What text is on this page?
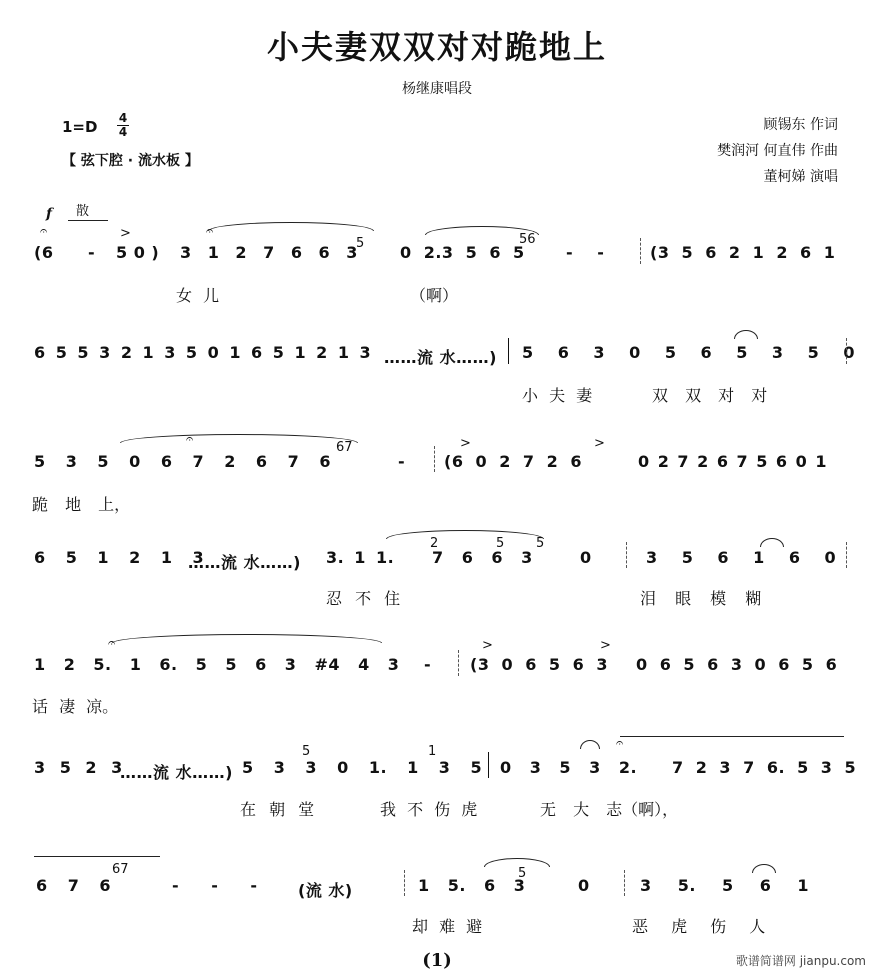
小夫妻双双对对跪地上
杨继康唱段
1=D 4
4
【 弦下腔 · 流水板 】
顾锡东 作词
樊润河 何直伟 作曲
董柯娣 演唱
f 散
>
𝄐	𝄐
5	56
(6 - 5 0 ) 3 1 2 7 6 6 3	0 2.3 5 6 5	- -	(3 5 6 2 1 2 6 1
女 儿	（啊）
6 5 5 3 2 1 3 5 0 1 6 5 1 2 1 3 ……流 水……) 5 6 3 0 5 6 5 3 5 0
小 夫 妻	双 双 对 对
𝄐
67	>	>
5 3 5 0 6 7 2 6 7 6	- (6 0 2 7 2 6	0 2 7 2 6 7 5 6 0 1
跪 地 上，
2	5 5
6 5 1 2 1 3
……流 水……) 3. 1 1. 7 6 6 3	0	3 5 6 1 6 0
忍 不 住	泪 眼 模 糊
𝄐	>	>
1 2 5. 1 6. 5 5 6 3 #4 4 3 - (3 0 6 5 6 3 0 6 5 6 3 0 6 5 6
话 凄 凉。
5	1
𝄐
3 5 2 3
……流 水……) 5 3 3 0 1. 1 3 5 0 3 5 3 2. 7 2 3 7 6. 5 3 5
在 朝 堂	我 不 伤 虎	无 大 志（啊），
67	5
6 7 6	- - -	(流 水)	1 5. 6 3	0	3 5. 5 6 1
却 难 避	恶 虎 伤 人
(1)	歌谱简谱网 jianpu.com
